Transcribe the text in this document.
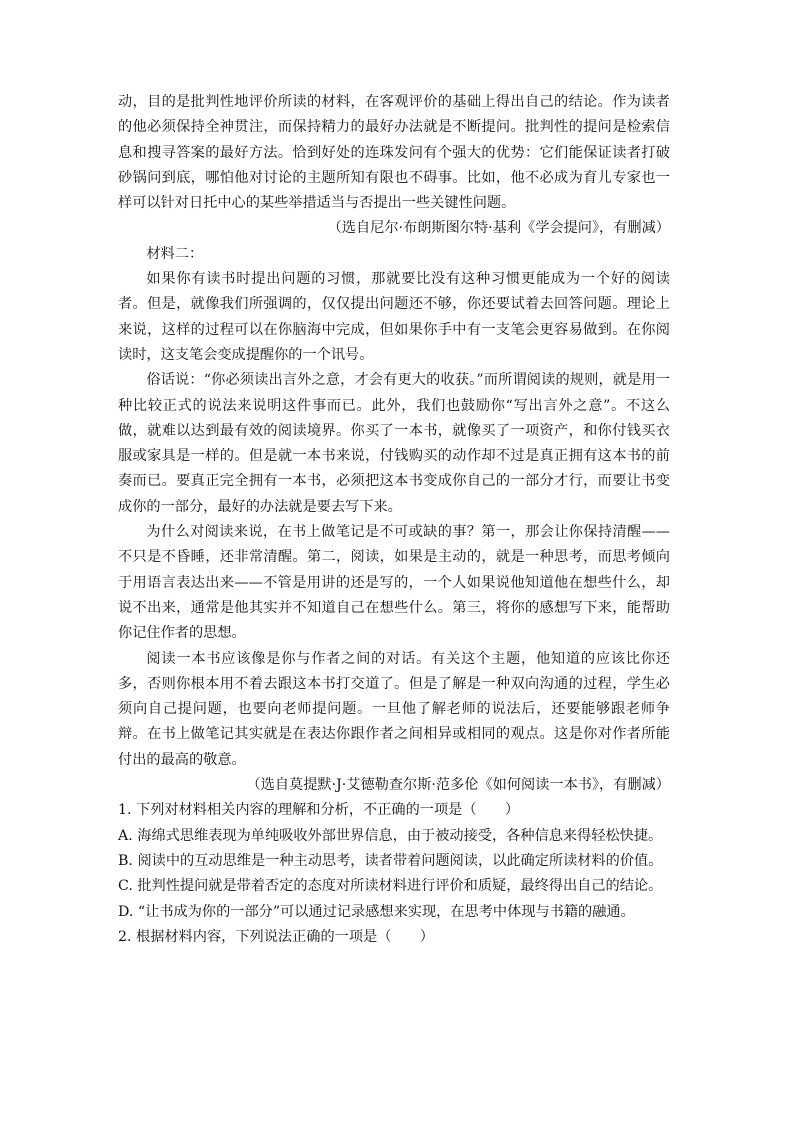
动，目的是批判性地评价所读的材料，在客观评价的基础上得出自己的结论。作为读者的他必须保持全神贯注，而保持精力的最好办法就是不断提问。批判性的提问是检索信息和搜寻答案的最好方法。恰到好处的连珠发问有个强大的优势：它们能保证读者打破砂锅问到底，哪怕他对讨论的主题所知有限也不碍事。比如，他不必成为育儿专家也一样可以针对日托中心的某些举措适当与否提出一些关键性问题。

（选自尼尔·布朗斯图尔特·基利《学会提问》，有删减）

材料二：

如果你有读书时提出问题的习惯，那就要比没有这种习惯更能成为一个好的阅读者。但是，就像我们所强调的，仅仅提出问题还不够，你还要试着去回答问题。理论上来说，这样的过程可以在你脑海中完成，但如果你手中有一支笔会更容易做到。在你阅读时，这支笔会变成提醒你的一个讯号。

俗话说：“你必须读出言外之意，才会有更大的收获。”而所谓阅读的规则，就是用一种比较正式的说法来说明这件事而已。此外，我们也鼓励你“写出言外之意”。不这么做，就难以达到最有效的阅读境界。你买了一本书，就像买了一项资产，和你付钱买衣服或家具是一样的。但是就一本书来说，付钱购买的动作却不过是真正拥有这本书的前奏而已。要真正完全拥有一本书，必须把这本书变成你自己的一部分才行，而要让书变成你的一部分，最好的办法就是要去写下来。

为什么对阅读来说，在书上做笔记是不可或缺的事？第一，那会让你保持清醒——不只是不昏睡，还非常清醒。第二，阅读，如果是主动的，就是一种思考，而思考倾向于用语言表达出来——不管是用讲的还是写的，一个人如果说他知道他在想些什么，却说不出来，通常是他其实并不知道自己在想些什么。第三，将你的感想写下来，能帮助你记住作者的思想。

阅读一本书应该像是你与作者之间的对话。有关这个主题，他知道的应该比你还多，否则你根本用不着去跟这本书打交道了。但是了解是一种双向沟通的过程，学生必须向自己提问题，也要向老师提问题。一旦他了解老师的说法后，还要能够跟老师争辩。在书上做笔记其实就是在表达你跟作者之间相异或相同的观点。这是你对作者所能付出的最高的敬意。

（选自莫提默·J·艾德勒查尔斯·范多伦《如何阅读一本书》，有删减）

1. 下列对材料相关内容的理解和分析，不正确的一项是（　　）

A. 海绵式思维表现为单纯吸收外部世界信息，由于被动接受，各种信息来得轻松快捷。

B. 阅读中的互动思维是一种主动思考，读者带着问题阅读，以此确定所读材料的价值。

C. 批判性提问就是带着否定的态度对所读材料进行评价和质疑，最终得出自己的结论。

D. “让书成为你的一部分”可以通过记录感想来实现，在思考中体现与书籍的融通。

2. 根据材料内容，下列说法正确的一项是（　　）
